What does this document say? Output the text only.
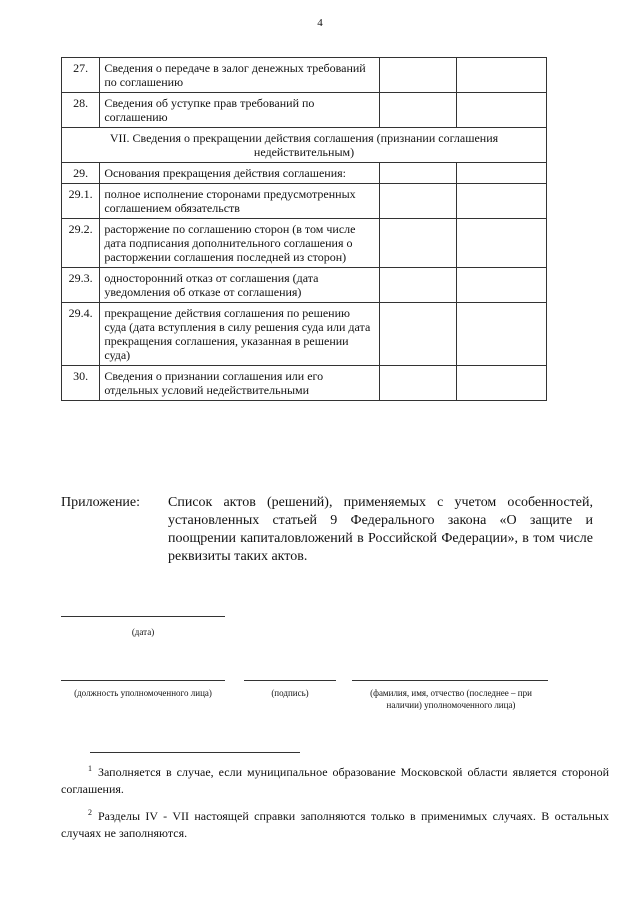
4
27.	Сведения о передаче в залог денежных требований по соглашению		
28.	Сведения об уступке прав требований по соглашению		
VII. Сведения о прекращении действия соглашения (признании соглашения недействительным)			
29.	Основания прекращения действия соглашения:		
29.1.	полное исполнение сторонами предусмотренных соглашением обязательств		
29.2.	расторжение по соглашению сторон (в том числе дата подписания дополнительного соглашения о расторжении соглашения последней из сторон)		
29.3.	односторонний отказ от соглашения (дата уведомления об отказе от соглашения)		
29.4.	прекращение действия соглашения по решению суда (дата вступления в силу решения суда или дата прекращения соглашения, указанная в решении суда)		
30.	Сведения о признании соглашения или его отдельных условий недействительными		
Приложение: Список актов (решений), применяемых с учетом особенностей, установленных статьей 9 Федерального закона «О защите и поощрении капиталовложений в Российской Федерации», в том числе реквизиты таких актов.
(дата)
(должность уполномоченного лица)	(подпись)	(фамилия, имя, отчество (последнее – при наличии) уполномоченного лица)

$^1$ Заполняется в случае, если муниципальное образование Московской области является стороной соглашения.

$^2$ Разделы IV - VII настоящей справки заполняются только в применимых случаях. В остальных случаях не заполняются.
